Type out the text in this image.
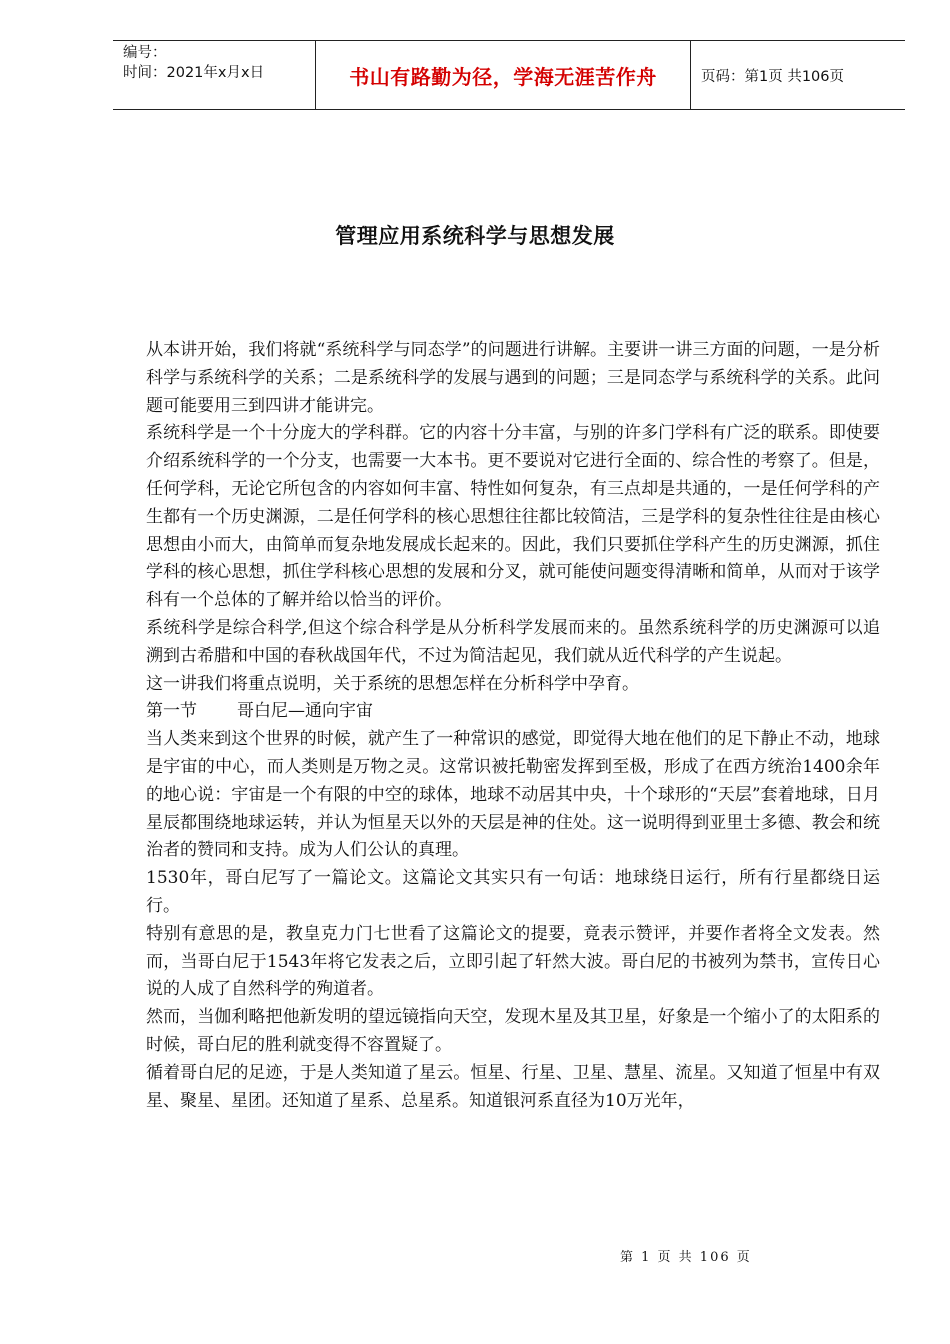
编号：
时间：2021年x月x日	书山有路勤为径，学海无涯苦作舟	页码：第1页 共106页
管理应用系统科学与思想发展

从本讲开始，我们将就“系统科学与同态学”的问题进行讲解。主要讲一讲三方面的问题，一是分析科学与系统科学的关系；二是系统科学的发展与遇到的问题；三是同态学与系统科学的关系。此问题可能要用三到四讲才能讲完。

系统科学是一个十分庞大的学科群。它的内容十分丰富，与别的许多门学科有广泛的联系。即使要介绍系统科学的一个分支，也需要一大本书。更不要说对它进行全面的、综合性的考察了。但是，任何学科，无论它所包含的内容如何丰富、特性如何复杂，有三点却是共通的，一是任何学科的产生都有一个历史渊源，二是任何学科的核心思想往往都比较简洁，三是学科的复杂性往往是由核心思想由小而大，由简单而复杂地发展成长起来的。因此，我们只要抓住学科产生的历史渊源，抓住学科的核心思想，抓住学科核心思想的发展和分叉，就可能使问题变得清晰和简单，从而对于该学科有一个总体的了解并给以恰当的评价。

系统科学是综合科学,但这个综合科学是从分析科学发展而来的。虽然系统科学的历史渊源可以追溯到古希腊和中国的春秋战国年代，不过为简洁起见，我们就从近代科学的产生说起。

这一讲我们将重点说明，关于系统的思想怎样在分析科学中孕育。

第一节 哥白尼—通向宇宙

当人类来到这个世界的时候，就产生了一种常识的感觉，即觉得大地在他们的足下静止不动，地球是宇宙的中心，而人类则是万物之灵。这常识被托勒密发挥到至极，形成了在西方统治1400余年的地心说：宇宙是一个有限的中空的球体，地球不动居其中央，十个球形的“天层”套着地球，日月星辰都围绕地球运转，并认为恒星天以外的天层是神的住处。这一说明得到亚里士多德、教会和统治者的赞同和支持。成为人们公认的真理。

1530年，哥白尼写了一篇论文。这篇论文其实只有一句话：地球绕日运行，所有行星都绕日运行。

特别有意思的是，教皇克力门七世看了这篇论文的提要，竟表示赞评，并要作者将全文发表。然而，当哥白尼于1543年将它发表之后，立即引起了轩然大波。哥白尼的书被列为禁书，宣传日心说的人成了自然科学的殉道者。

然而，当伽利略把他新发明的望远镜指向天空，发现木星及其卫星，好象是一个缩小了的太阳系的时候，哥白尼的胜利就变得不容置疑了。

循着哥白尼的足迹，于是人类知道了星云。恒星、行星、卫星、慧星、流星。又知道了恒星中有双星、聚星、星团。还知道了星系、总星系。知道银河系直径为10万光年，

第 1 页 共 106 页
